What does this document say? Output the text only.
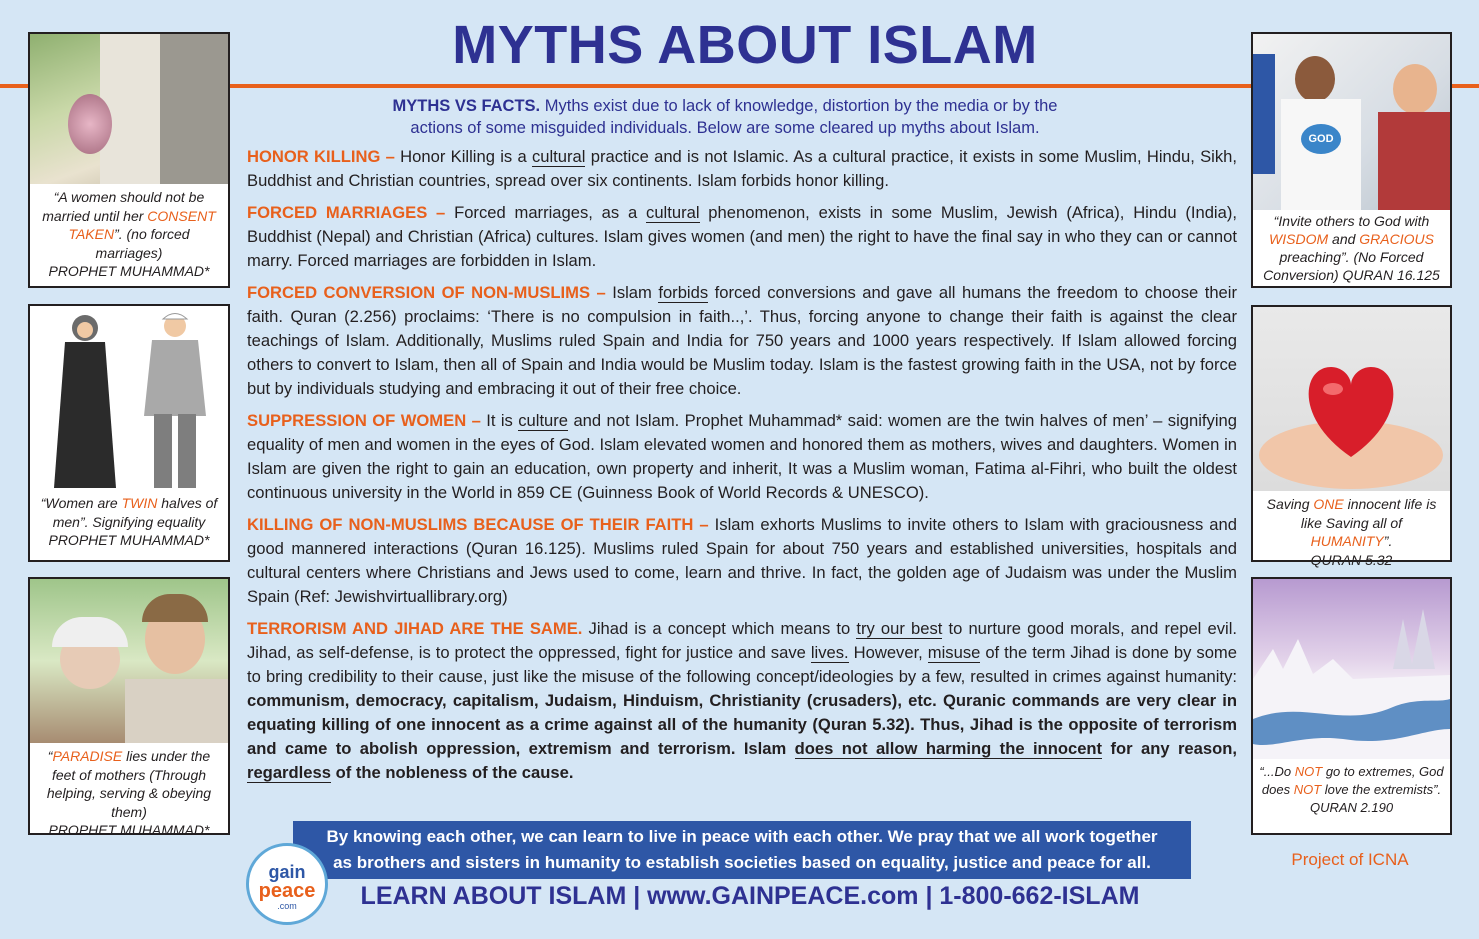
MYTHS ABOUT ISLAM
MYTHS VS FACTS. Myths exist due to lack of knowledge, distortion by the media or by the
actions of some misguided individuals. Below are some cleared up myths about Islam.

HONOR KILLING – Honor Killing is a cultural practice and is not Islamic. As a cultural practice, it exists in some Muslim, Hindu, Sikh, Buddhist and Christian countries, spread over six continents. Islam forbids honor killing.

FORCED MARRIAGES – Forced marriages, as a cultural phenomenon, exists in some Muslim, Jewish (Africa), Hindu (India), Buddhist (Nepal) and Christian (Africa) cultures. Islam gives women (and men) the right to have the final say in who they can or cannot marry. Forced marriages are forbidden in Islam.

FORCED CONVERSION OF NON-MUSLIMS – Islam forbids forced conversions and gave all humans the freedom to choose their faith. Quran (2.256) proclaims: ‘There is no compulsion in faith..,’. Thus, forcing anyone to change their faith is against the clear teachings of Islam. Additionally, Muslims ruled Spain and India for 750 years and 1000 years respectively. If Islam allowed forcing others to convert to Islam, then all of Spain and India would be Muslim today. Islam is the fastest growing faith in the USA, not by force but by individuals studying and embracing it out of their free choice.

SUPPRESSION OF WOMEN – It is culture and not Islam. Prophet Muhammad* said: women are the twin halves of men’ – signifying equality of men and women in the eyes of God. Islam elevated women and honored them as mothers, wives and daughters. Women in Islam are given the right to gain an education, own property and inherit, It was a Muslim woman, Fatima al-Fihri, who built the oldest continuous university in the World in 859 CE (Guinness Book of World Records & UNESCO).

KILLING OF NON-MUSLIMS BECAUSE OF THEIR FAITH – Islam exhorts Muslims to invite others to Islam with graciousness and good mannered interactions (Quran 16.125). Muslims ruled Spain for about 750 years and established universities, hospitals and cultural centers where Christians and Jews used to come, learn and thrive. In fact, the golden age of Judaism was under the Muslim Spain (Ref: Jewishvirtuallibrary.org)

TERRORISM AND JIHAD ARE THE SAME. Jihad is a concept which means to try our best to nurture good morals, and repel evil. Jihad, as self-defense, is to protect the oppressed, fight for justice and save lives. However, misuse of the term Jihad is done by some to bring credibility to their cause, just like the misuse of the following concept/ideologies by a few, resulted in crimes against humanity: communism, democracy, capitalism, Judaism, Hinduism, Christianity (crusaders), etc. Quranic commands are very clear in equating killing of one innocent as a crime against all of the humanity (Quran 5.32). Thus, Jihad is the opposite of terrorism and came to abolish oppression, extremism and terrorism. Islam does not allow harming the innocent for any reason, regardless of the nobleness of the cause.

“A women should not be married until her CONSENT TAKEN”. (no forced marriages)
PROPHET MUHAMMAD*
“Women are TWIN halves of men”. Signifying equality
PROPHET MUHAMMAD*
“PARADISE lies under the feet of mothers (Through helping, serving & obeying them)
PROPHET MUHAMMAD*
GOD
“Invite others to God with WISDOM and GRACIOUS preaching”. (No Forced Conversion) QURAN 16.125
Saving ONE innocent life is like Saving all of HUMANITY”.
QURAN 5.32
“...Do NOT go to extremes, God does NOT love the extremists”.
QURAN 2.190
By knowing each other, we can learn to live in peace with each other. We pray that we all work together
as brothers and sisters in humanity to establish societies based on equality, justice and peace for all.
gain
peace
.com	LEARN ABOUT ISLAM | www.GAINPEACE.com | 1-800-662-ISLAM
Project of ICNA
